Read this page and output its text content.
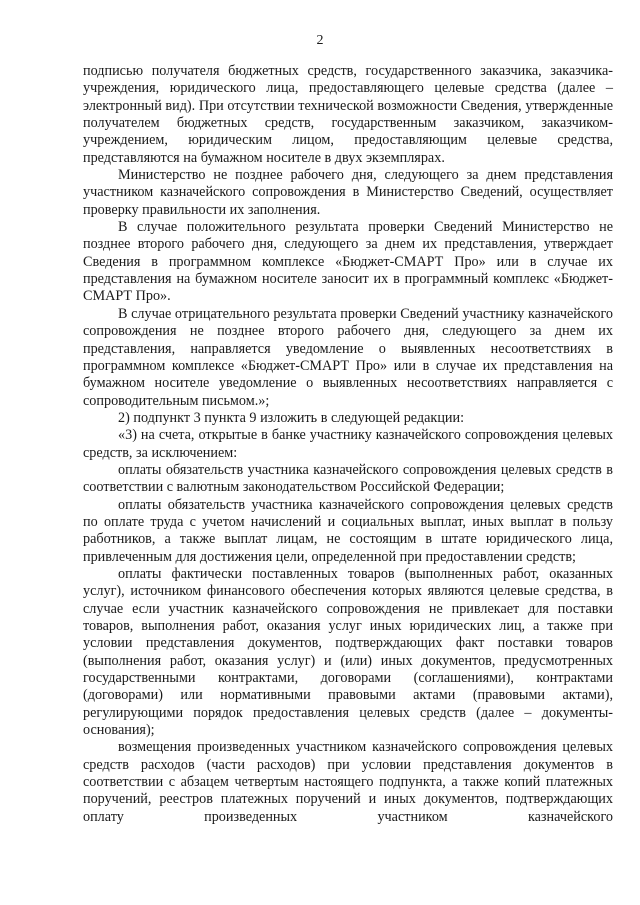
2

подписью получателя бюджетных средств, государственного заказчика, заказчика-учреждения, юридического лица, предоставляющего целевые средства (далее – электронный вид). При отсутствии технической возможности Сведения, утвержденные получателем бюджетных средств, государственным заказчиком, заказчиком-учреждением, юридическим лицом, предоставляющим целевые средства, представляются на бумажном носителе в двух экземплярах.

Министерство не позднее рабочего дня, следующего за днем представления участником казначейского сопровождения в Министерство Сведений, осуществляет проверку правильности их заполнения.

В случае положительного результата проверки Сведений Министерство не позднее второго рабочего дня, следующего за днем их представления, утверждает Сведения в программном комплексе «Бюджет-СМАРТ Про» или в случае их представления на бумажном носителе заносит их в программный комплекс «Бюджет-СМАРТ Про».

В случае отрицательного результата проверки Сведений участнику казначейского сопровождения не позднее второго рабочего дня, следующего за днем их представления, направляется уведомление о выявленных несоответствиях в программном комплексе «Бюджет-СМАРТ Про» или в случае их представления на бумажном носителе уведомление о выявленных несоответствиях направляется с сопроводительным письмом.»;

2) подпункт 3 пункта 9 изложить в следующей редакции:

«3) на счета, открытые в банке участнику казначейского сопровождения целевых средств, за исключением:

оплаты обязательств участника казначейского сопровождения целевых средств в соответствии с валютным законодательством Российской Федерации;

оплаты обязательств участника казначейского сопровождения целевых средств по оплате труда с учетом начислений и социальных выплат, иных выплат в пользу работников, а также выплат лицам, не состоящим в штате юридического лица, привлеченным для достижения цели, определенной при предоставлении средств;

оплаты фактически поставленных товаров (выполненных работ, оказанных услуг), источником финансового обеспечения которых являются целевые средства, в случае если участник казначейского сопровождения не привлекает для поставки товаров, выполнения работ, оказания услуг иных юридических лиц, а также при условии представления документов, подтверждающих факт поставки товаров (выполнения работ, оказания услуг) и (или) иных документов, предусмотренных государственными контрактами, договорами (соглашениями), контрактами (договорами) или нормативными правовыми актами (правовыми актами), регулирующими порядок предоставления целевых средств (далее – документы-основания);

возмещения произведенных участником казначейского сопровождения целевых средств расходов (части расходов) при условии представления документов в соответствии с абзацем четвертым настоящего подпункта, а также копий платежных поручений, реестров платежных поручений и иных документов, подтверждающих оплату произведенных участником казначейского
